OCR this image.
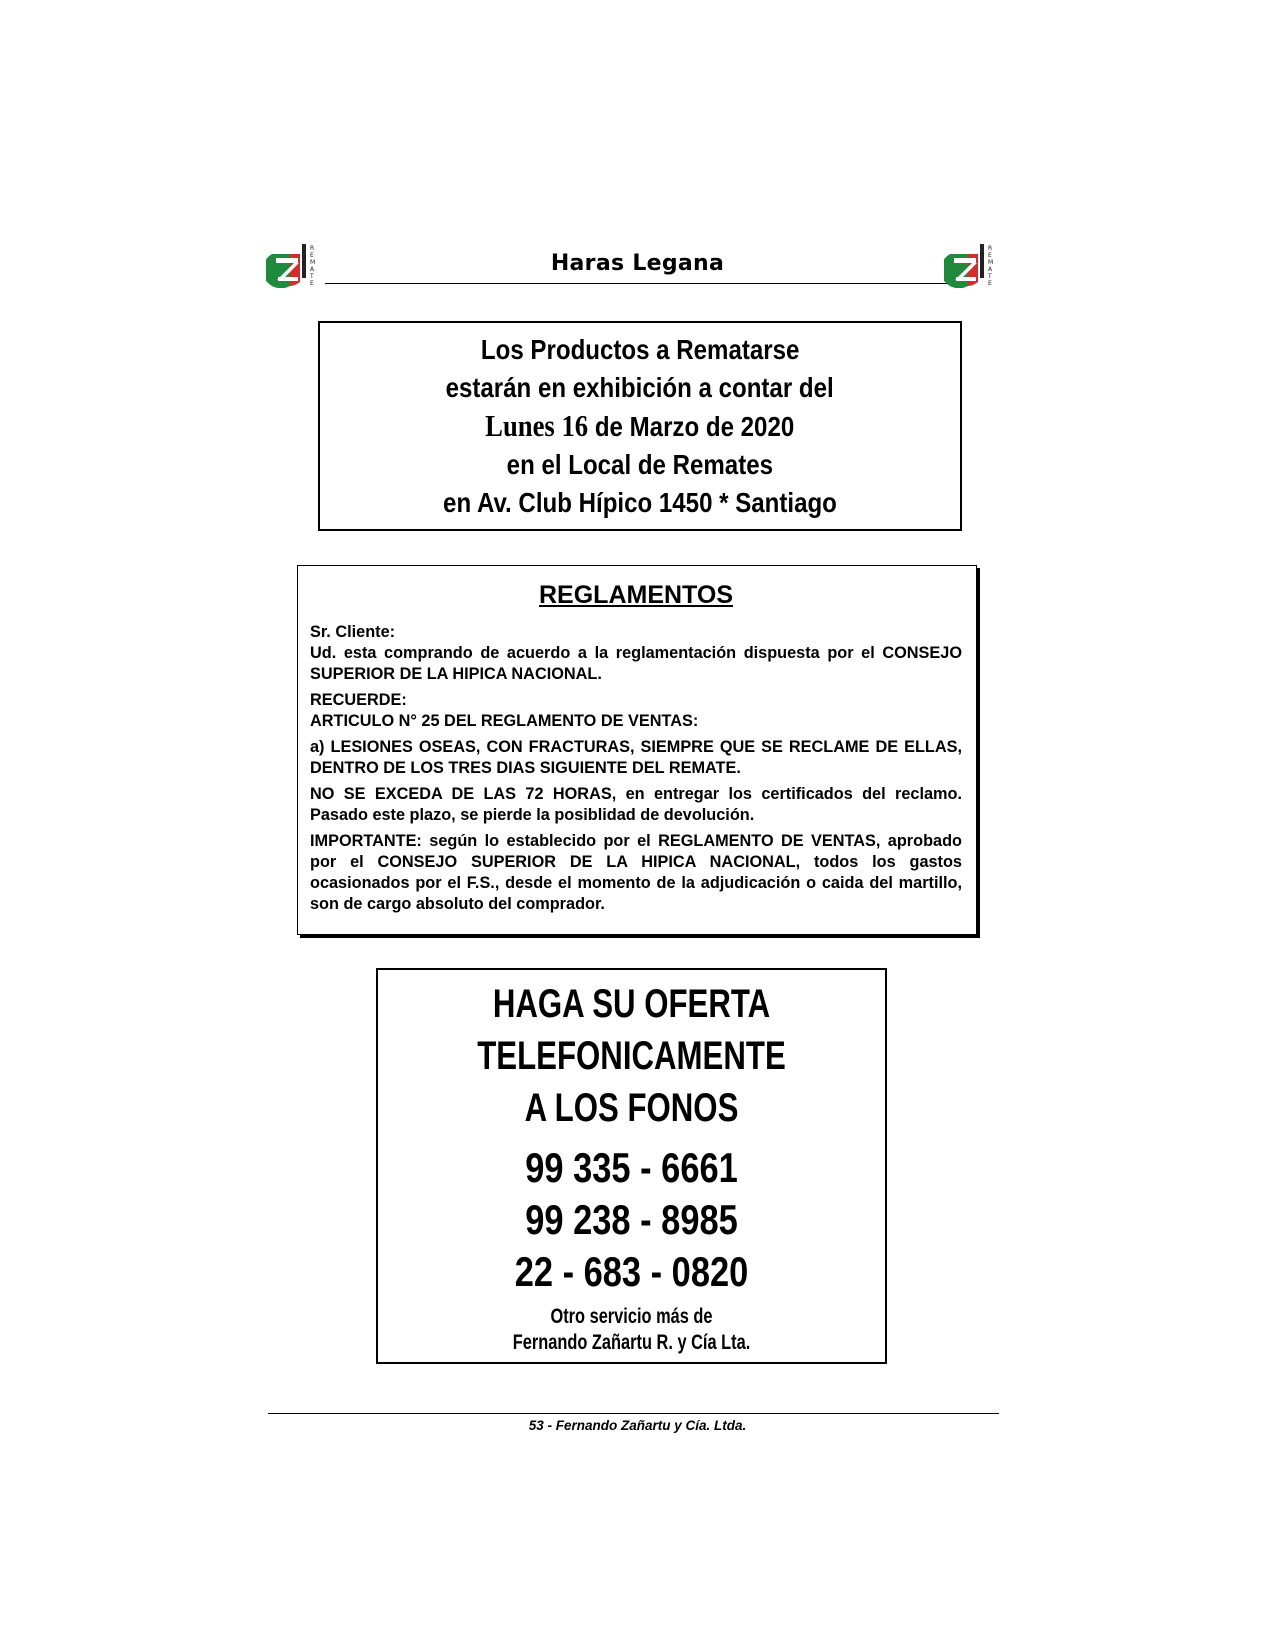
R
E
M
A
T
E
Haras Legana
R
E
M
A
T
E
Los Productos a Rematarse
estarán en exhibición a contar del
Lunes 16 de Marzo de 2020
en el Local de Remates
en Av. Club Hípico 1450 * Santiago
REGLAMENTOS

Sr. Cliente:

Ud. esta comprando de acuerdo a la reglamentación dispuesta por el CONSEJO SUPERIOR DE LA HIPICA NACIONAL.

RECUERDE:

ARTICULO N° 25 DEL REGLAMENTO DE VENTAS:

a) LESIONES OSEAS, CON FRACTURAS, SIEMPRE QUE SE RECLAME DE ELLAS, DENTRO DE LOS TRES DIAS SIGUIENTE DEL REMATE.

NO SE EXCEDA DE LAS 72 HORAS, en entregar los certificados del reclamo. Pasado este plazo, se pierde la posiblidad de devolución.

IMPORTANTE: según lo establecido por el REGLAMENTO DE VENTAS, aprobado por el CONSEJO SUPERIOR DE LA HIPICA NACIONAL, todos los gastos ocasionados por el F.S., desde el momento de la adjudicación o caida del martillo, son de cargo absoluto del comprador.

HAGA SU OFERTA
TELEFONICAMENTE
A LOS FONOS
99 335 - 6661
99 238 - 8985
22 - 683 - 0820
Otro servicio más de
Fernando Zañartu R. y Cía Lta.
53 - Fernando Zañartu y Cía. Ltda.
